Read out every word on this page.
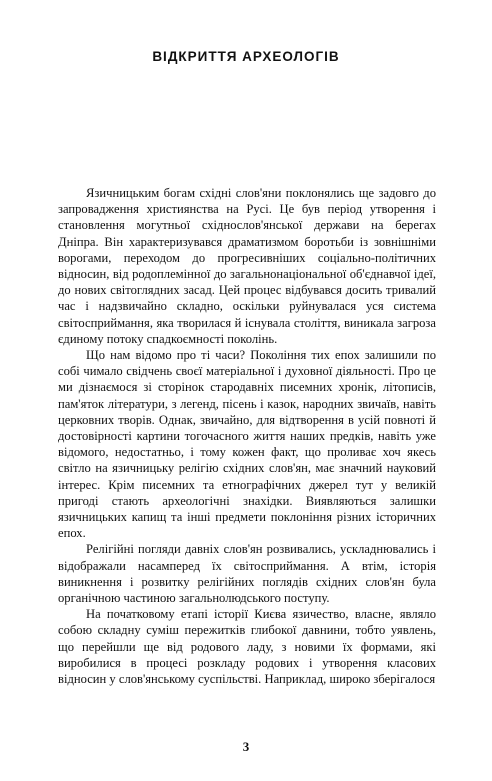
ВІДКРИТТЯ АРХЕОЛОГІВ

Язичницьким богам східні слов'яни поклонялись ще задовго до запровадження християнства на Русі. Це був період утворення і становлення могутньої східнослов'янської держави на берегах Дніпра. Він характеризувався драматизмом боротьби із зовнішніми ворогами, переходом до прогресивніших соціально-політичних відносин, від родоплемінної до загальнонаціональної об'єднавчої ідеї, до нових світоглядних засад. Цей процес відбувався досить тривалий час і надзвичайно складно, оскільки руйнувалася уся система світосприймання, яка творилася й існувала століття, виникала загроза єдиному потоку спадкоємності поколінь.

Що нам відомо про ті часи? Покоління тих епох залишили по собі чимало свідчень своєї матеріальної і духовної діяльності. Про це ми дізнаємося зі сторінок стародавніх писемних хронік, літописів, пам'яток літератури, з легенд, пісень і казок, народних звичаїв, навіть церковних творів. Однак, звичайно, для відтворення в усій повноті й достовірності картини тогочасного життя наших предків, навіть уже відомого, недостатньо, і тому кожен факт, що проливає хоч якесь світло на язичницьку релігію східних слов'ян, має значний науковий інтерес. Крім писемних та етнографічних джерел тут у великій пригоді стають археологічні знахідки. Виявляються залишки язичницьких капищ та інші предмети поклоніння різних історичних епох.

Релігійні погляди давніх слов'ян розвивались, ускладнювались і відображали насамперед їх світосприймання. А втім, історія виникнення і розвитку релігійних поглядів східних слов'ян була органічною частиною загальнолюдського поступу.

На початковому етапі історії Києва язичество, власне, являло собою складну суміш пережитків глибокої давнини, тобто уявлень, що перейшли ще від родового ладу, з новими їх формами, які виробилися в процесі розкладу родових і утворення класових відносин у слов'янському суспільстві. Наприклад, широко зберігалося

3
